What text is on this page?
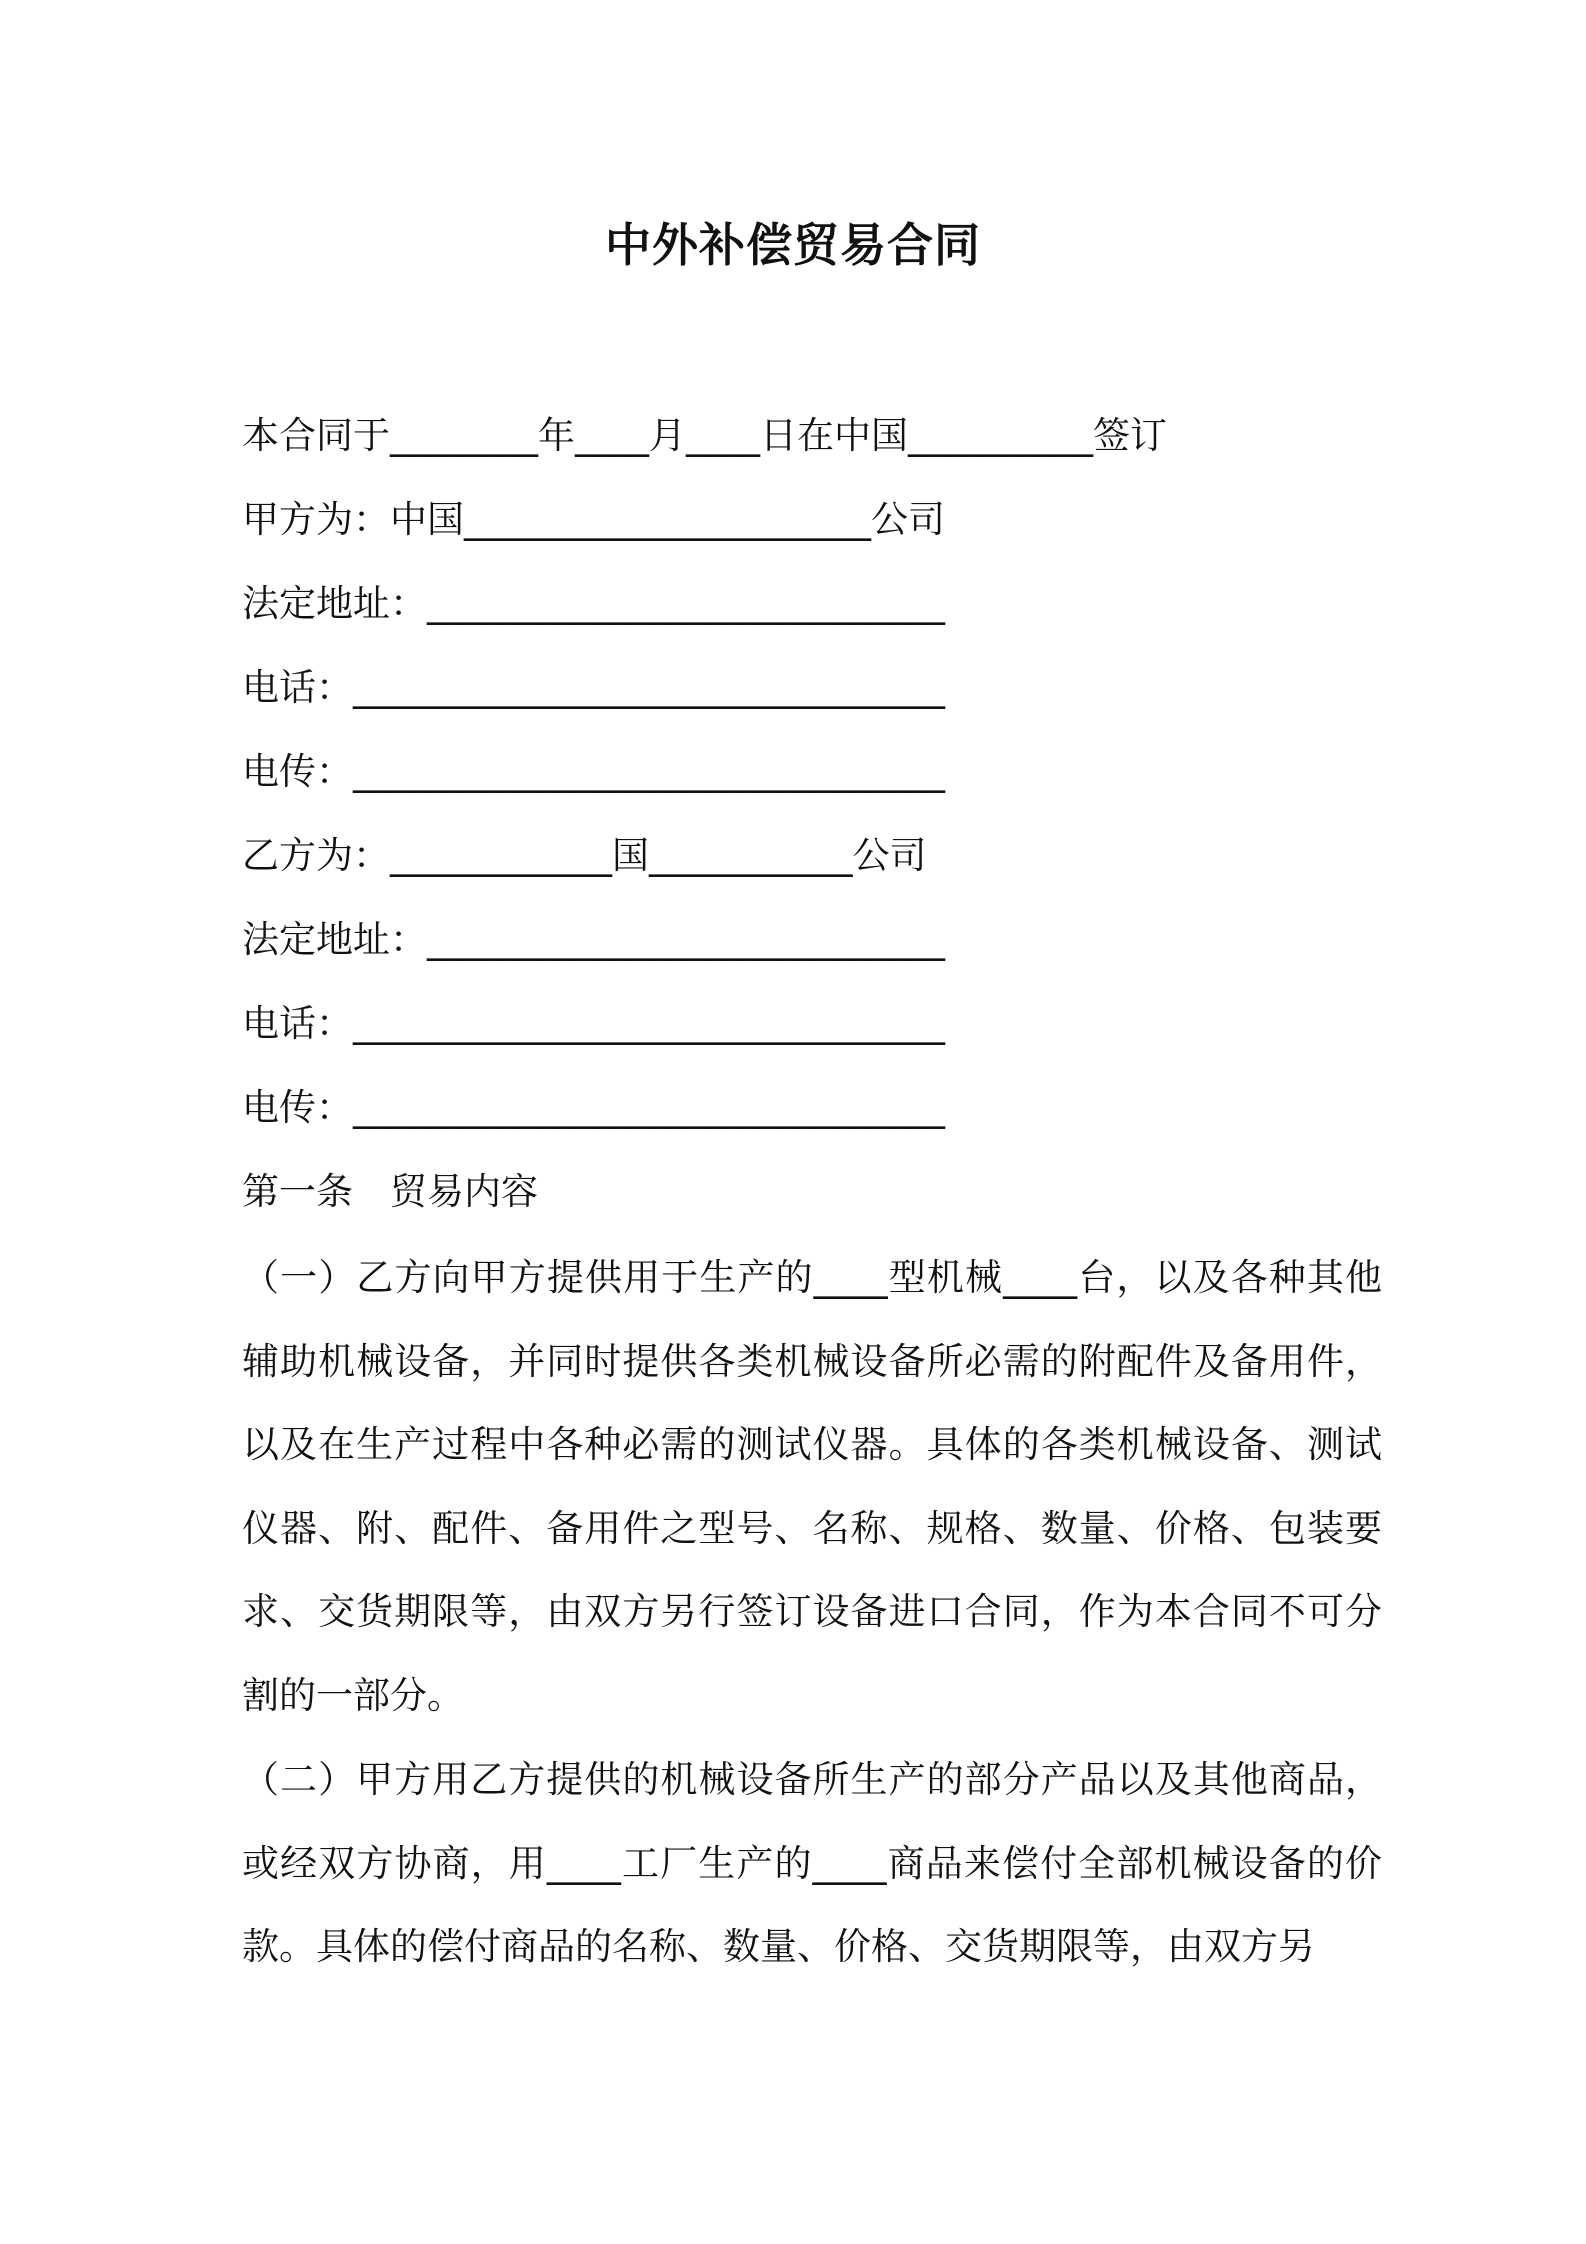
中外补偿贸易合同
本合同于________年____月____日在中国__________签订
甲方为：中国______________________公司
法定地址：____________________________
电话：________________________________
电传：________________________________
乙方为：____________国___________公司
法定地址：____________________________
电话：________________________________
电传：________________________________
第一条　贸易内容

（一）乙方向甲方提供用于生产的____型机械____台，以及各种其他辅助机械设备，并同时提供各类机械设备所必需的附配件及备用件，以及在生产过程中各种必需的测试仪器。具体的各类机械设备、测试仪器、附、配件、备用件之型号、名称、规格、数量、价格、包装要求、交货期限等，由双方另行签订设备进口合同，作为本合同不可分割的一部分。

（二）甲方用乙方提供的机械设备所生产的部分产品以及其他商品，或经双方协商，用____工厂生产的____商品来偿付全部机械设备的价款。具体的偿付商品的名称、数量、价格、交货期限等，由双方另
